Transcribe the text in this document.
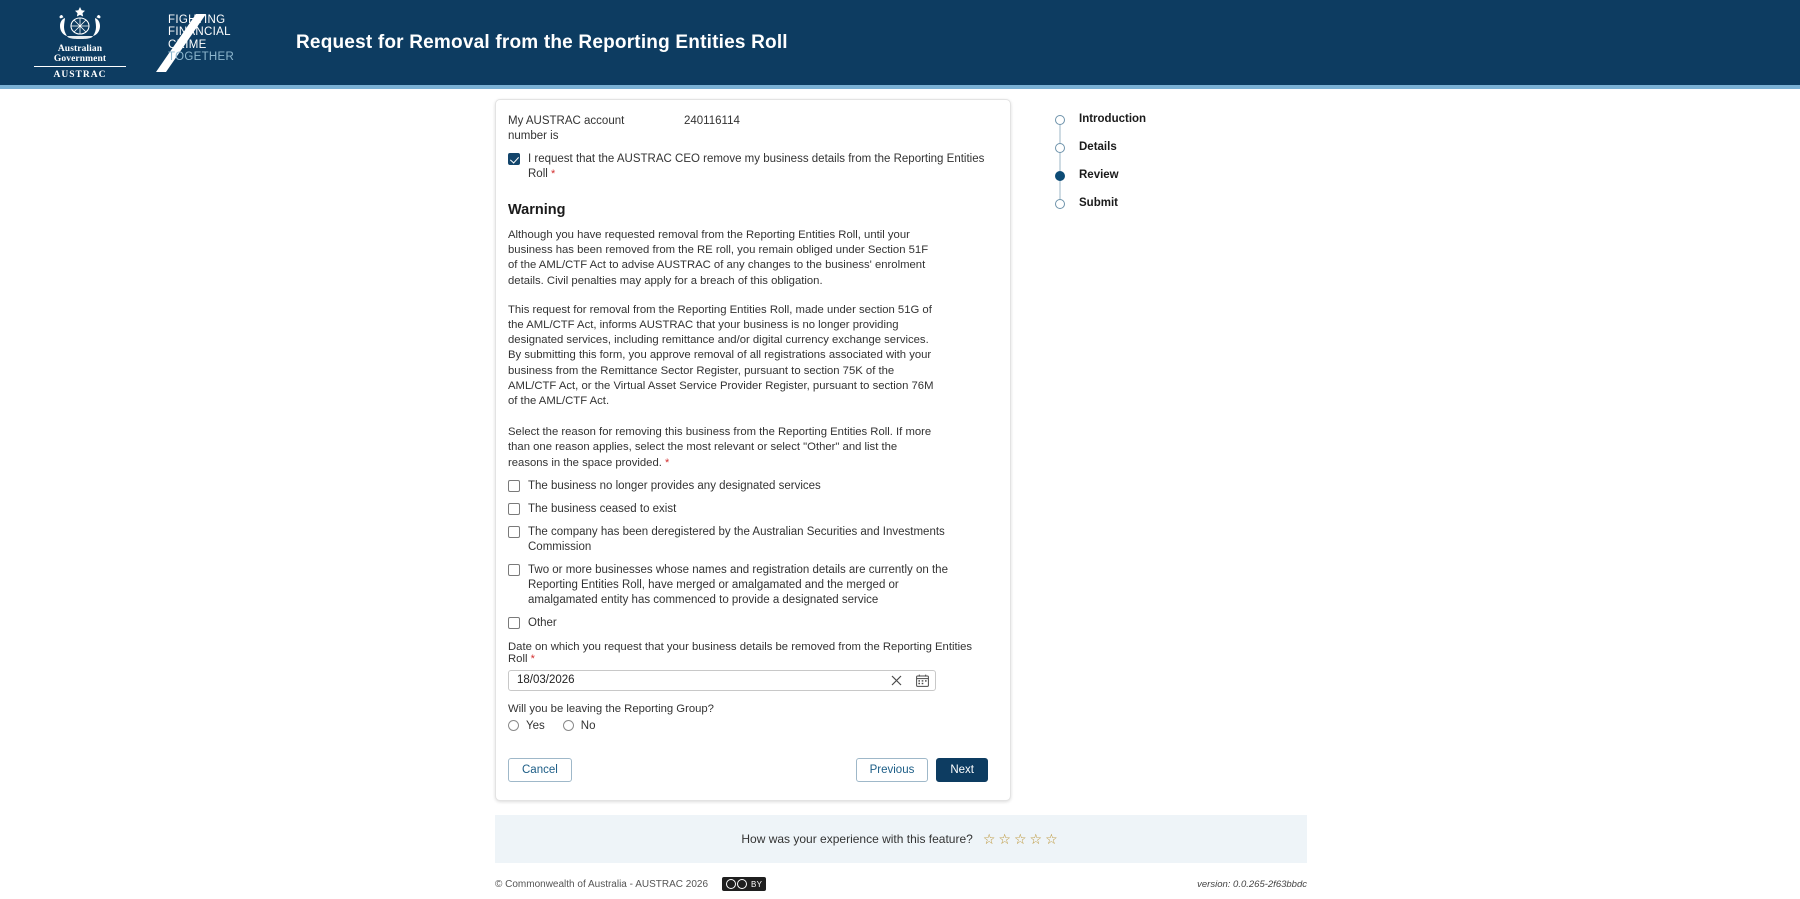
Australian Government
AUSTRAC
FIGHTING
FINANCIAL
CRIME
TOGETHER
Request for Removal from the Reporting Entities Roll
My AUSTRAC account number is
240116114
I request that the AUSTRAC CEO remove my business details from the Reporting Entities Roll *
Warning

Although you have requested removal from the Reporting Entities Roll, until your business has been removed from the RE roll, you remain obliged under Section 51F of the AML/CTF Act to advise AUSTRAC of any changes to the business' enrolment details. Civil penalties may apply for a breach of this obligation.

This request for removal from the Reporting Entities Roll, made under section 51G of the AML/CTF Act, informs AUSTRAC that your business is no longer providing designated services, including remittance and/or digital currency exchange services. By submitting this form, you approve removal of all registrations associated with your business from the Remittance Sector Register, pursuant to section 75K of the AML/CTF Act, or the Virtual Asset Service Provider Register, pursuant to section 76M of the AML/CTF Act.

Select the reason for removing this business from the Reporting Entities Roll. If more than one reason applies, select the most relevant or select "Other" and list the reasons in the space provided. *

The business no longer provides any designated services
The business ceased to exist
The company has been deregistered by the Australian Securities and Investments Commission
Two or more businesses whose names and registration details are currently on the Reporting Entities Roll, have merged or amalgamated and the merged or amalgamated entity has commenced to provide a designated service
Other
Date on which you request that your business details be removed from the Reporting Entities Roll *
18/03/2026
Will you be leaving the Reporting Group?
Yes	No
Cancel	Previous	Next
Introduction
Details
Review
Submit
How was your experience with this feature? ☆ ☆ ☆ ☆ ☆
© Commonwealth of Australia - AUSTRAC 2026	BY	version: 0.0.265-2f63bbdc
